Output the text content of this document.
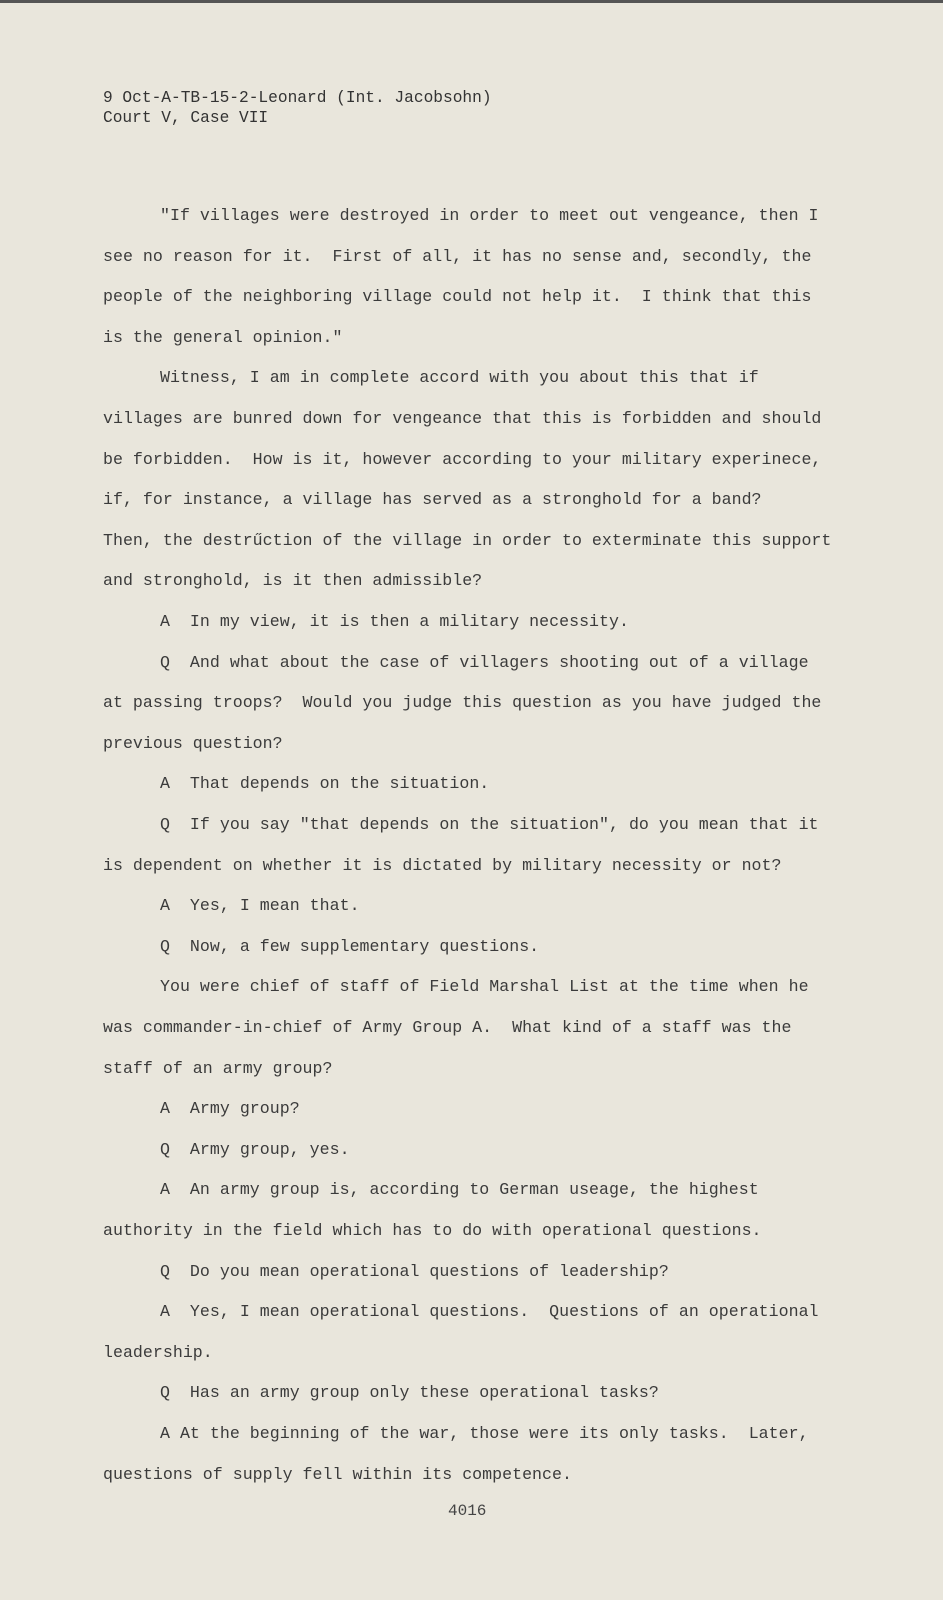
9 Oct-A-TB-15-2-Leonard (Int. Jacobsohn)
Court V, Case VII
"If villages were destroyed in order to meet out vengeance, then I
see no reason for it.  First of all, it has no sense and, secondly, the
people of the neighboring village could not help it.  I think that this
is the general opinion."
Witness, I am in complete accord with you about this that if
villages are bunred down for vengeance that this is forbidden and should
be forbidden.  How is it, however according to your military experinece,
if, for instance, a village has served as a stronghold for a band?
Then, the destrűction of the village in order to exterminate this support
and stronghold, is it then admissible?
A  In my view, it is then a military necessity.
Q  And what about the case of villagers shooting out of a village
at passing troops?  Would you judge this question as you have judged the
previous question?
A  That depends on the situation.
Q  If you say "that depends on the situation", do you mean that it
is dependent on whether it is dictated by military necessity or not?
A  Yes, I mean that.
Q  Now, a few supplementary questions.
You were chief of staff of Field Marshal List at the time when he
was commander-in-chief of Army Group A.  What kind of a staff was the
staff of an army group?
A  Army group?
Q  Army group, yes.
A  An army group is, according to German useage, the highest
authority in the field which has to do with operational questions.
Q  Do you mean operational questions of leadership?
A  Yes, I mean operational questions.  Questions of an operational
leadership.
Q  Has an army group only these operational tasks?
A At the beginning of the war, those were its only tasks.  Later,
questions of supply fell within its competence.
4016
